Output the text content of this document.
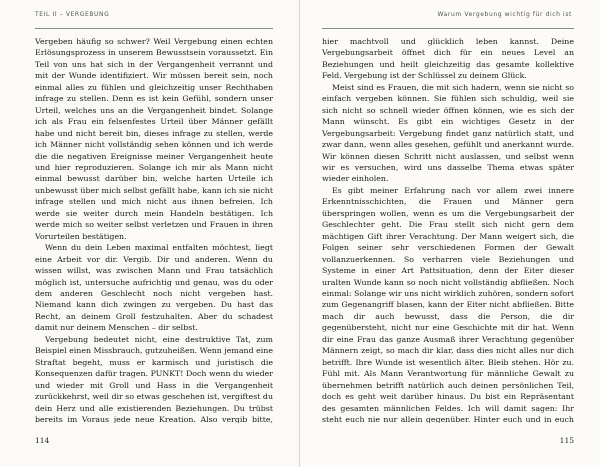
TEIL II – VERGEBUNG

Vergeben häufig so schwer? Weil Vergebung einen echten Erlösungsprozess in unserem Bewusstsein voraussetzt. Ein Teil von uns hat sich in der Vergangenheit verrannt und mit der Wunde identifiziert. Wir müssen bereit sein, noch einmal alles zu fühlen und gleichzeitig unser Rechthaben infrage zu stellen. Denn es ist kein Gefühl, sondern unser Urteil, welches uns an die Vergangenheit bindet. Solange ich als Frau ein felsenfestes Urteil über Männer gefällt habe und nicht bereit bin, dieses infrage zu stellen, werde ich Männer nicht vollständig sehen können und ich werde die die negativen Ereignisse meiner Vergangenheit heute und hier reproduzieren. Solange ich mir als Mann nicht einmal bewusst darüber bin, welche harten Urteile ich unbewusst über mich selbst gefällt habe, kann ich sie nicht infrage stellen und mich nicht aus ihnen befreien. Ich werde sie weiter durch mein Handeln bestätigen. Ich werde mich so weiter selbst verletzen und Frauen in ihren Vorurteilen bestätigen.

Wenn du dein Leben maximal entfalten möchtest, liegt eine Arbeit vor dir. Vergib. Dir und anderen. Wenn du wissen willst, was zwischen Mann und Frau tatsächlich möglich ist, untersuche aufrichtig und genau, was du oder dem anderen Geschlecht noch nicht vergeben hast. Niemand kann dich zwingen zu vergeben. Du hast das Recht, an deinem Groll festzuhalten. Aber du schadest damit nur deinem Menschen – dir selbst.

Vergebung bedeutet nicht, eine destruktive Tat, zum Beispiel einen Missbrauch, gutzuheißen. Wenn jemand eine Straftat begeht, muss er karmisch und juristisch die Konsequenzen dafür tragen. PUNKT! Doch wenn du wieder und wieder mit Groll und Hass in die Vergangenheit zurückkehrst, weil dir so etwas geschehen ist, vergiftest du dein Herz und alle existierenden Beziehungen. Du trübst bereits im Voraus jede neue Kreation. Also vergib bitte,

114
Warum Vergebung wichtig für dich ist

hier machtvoll und glücklich leben kannst. Deine Vergebungsarbeit öffnet dich für ein neues Level an Beziehungen und heilt gleichzeitig das gesamte kollektive Feld. Vergebung ist der Schlüssel zu deinem Glück.

Meist sind es Frauen, die mit sich hadern, wenn sie nicht so einfach vergeben können. Sie fühlen sich schuldig, weil sie sich nicht so schnell wieder öffnen können, wie es sich der Mann wünscht. Es gibt ein wichtiges Gesetz in der Vergebungsarbeit: Vergebung findet ganz natürlich statt, und zwar dann, wenn alles gesehen, gefühlt und anerkannt wurde. Wir können diesen Schritt nicht auslassen, und selbst wenn wir es versuchen, wird uns dasselbe Thema etwas später wieder einholen.

Es gibt meiner Erfahrung nach vor allem zwei innere Erkenntnisschichten, die Frauen und Männer gern überspringen wollen, wenn es um die Vergebungsarbeit der Geschlechter geht. Die Frau stellt sich nicht gern dem mächtigen Gift ihrer Verachtung. Der Mann weigert sich, die Folgen seiner sehr verschiedenen Formen der Gewalt vollanzuerkennen. So verharren viele Beziehungen und Systeme in einer Art Pattsituation, denn der Eiter dieser uralten Wunde kann so noch nicht vollständig abfließen. Noch einmal: Solange wir uns nicht wirklich zuhören, sondern sofort zum Gegenangriff blasen, kann der Eiter nicht abfließen. Bitte mach dir auch bewusst, dass die Person, die dir gegenübersteht, nicht nur eine Geschichte mit dir hat. Wenn dir eine Frau das ganze Ausmaß ihrer Verachtung gegenüber Männern zeigt, so mach dir klar, dass dies nicht alles nur dich betrifft. Ihre Wunde ist wesentlich älter. Bleib stehen. Hör zu. Fühl mit. Als Mann Verantwortung für männliche Gewalt zu übernehmen betrifft natürlich auch deinen persönlichen Teil, doch es geht weit darüber hinaus. Du bist ein Repräsentant des gesamten männlichen Feldes. Ich will damit sagen: Ihr steht euch nie nur allein gegenüber. Hinter euch und in euch

115
